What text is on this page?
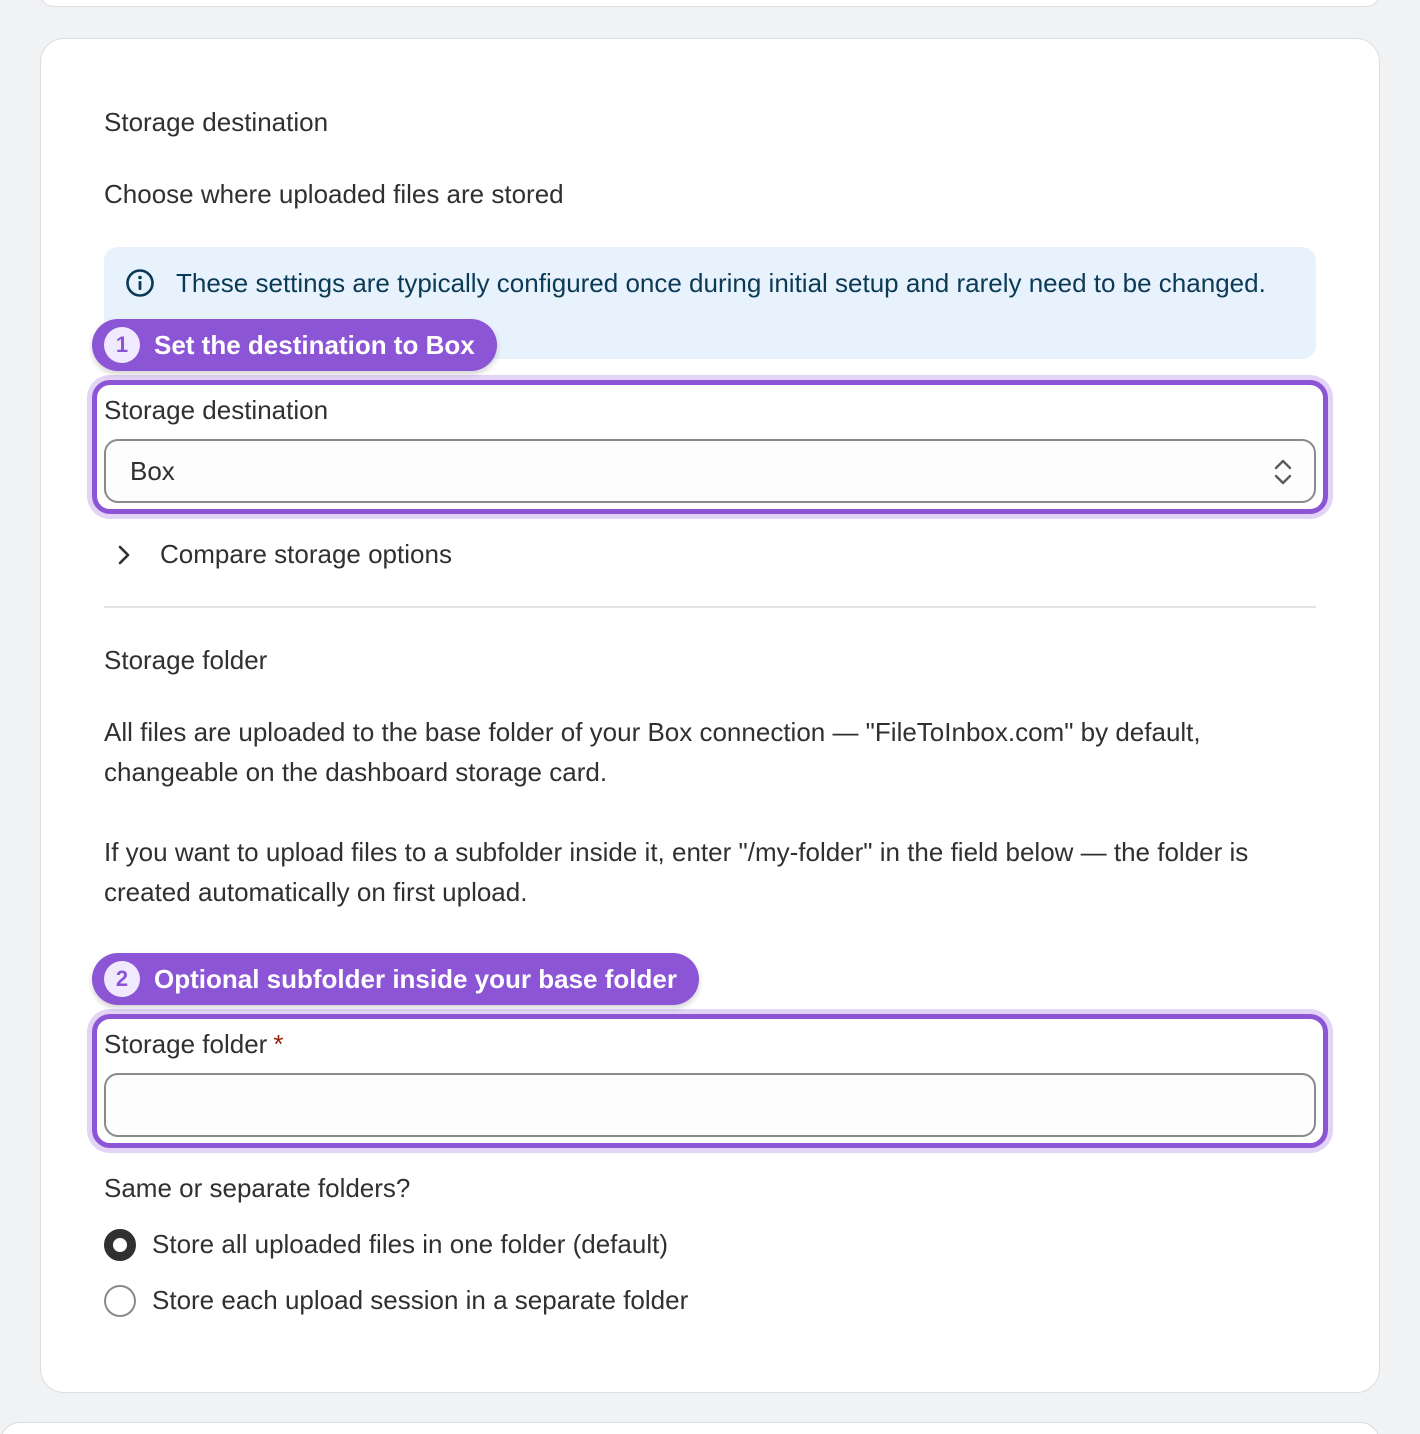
Storage destination
Choose where uploaded files are stored
These settings are typically configured once during initial setup and rarely need to be changed.
1 Set the destination to Box
Storage destination
Box
Compare storage options
Storage folder
All files are uploaded to the base folder of your Box connection — "FileToInbox.com" by default, changeable on the dashboard storage card.
If you want to upload files to a subfolder inside it, enter "/my-folder" in the field below — the folder is created automatically on first upload.
2 Optional subfolder inside your base folder
Storage folder *
Same or separate folders?
Store all uploaded files in one folder (default)
Store each upload session in a separate folder
